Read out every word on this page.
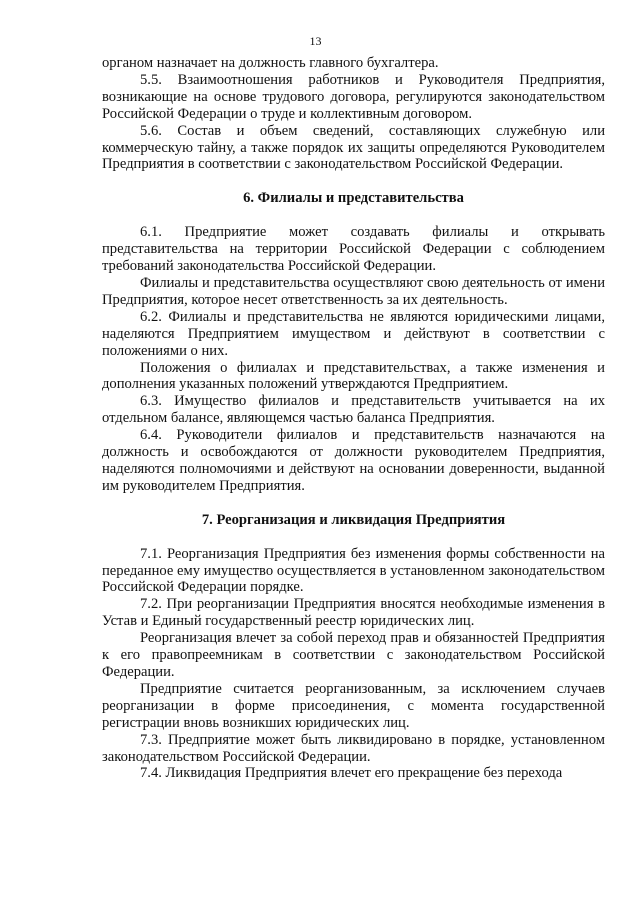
13

органом назначает на должность главного бухгалтера.

5.5. Взаимоотношения работников и Руководителя Предприятия, возникающие на основе трудового договора, регулируются законодательством Российской Федерации о труде и коллективным договором.

5.6. Состав и объем сведений, составляющих служебную или коммерческую тайну, а также порядок их защиты определяются Руководителем Предприятия в соответствии с законодательством Российской Федерации.

6. Филиалы и представительства

6.1. Предприятие может создавать филиалы и открывать представительства на территории Российской Федерации с соблюдением требований законодательства Российской Федерации.

Филиалы и представительства осуществляют свою деятельность от имени Предприятия, которое несет ответственность за их деятельность.

6.2. Филиалы и представительства не являются юридическими лицами, наделяются Предприятием имуществом и действуют в соответствии с положениями о них.

Положения о филиалах и представительствах, а также изменения и дополнения указанных положений утверждаются Предприятием.

6.3. Имущество филиалов и представительств учитывается на их отдельном балансе, являющемся частью баланса Предприятия.

6.4. Руководители филиалов и представительств назначаются на должность и освобождаются от должности руководителем Предприятия, наделяются полномочиями и действуют на основании доверенности, выданной им руководителем Предприятия.

7. Реорганизация и ликвидация Предприятия

7.1. Реорганизация Предприятия без изменения формы собственности на переданное ему имущество осуществляется в установленном законодательством Российской Федерации порядке.

7.2. При реорганизации Предприятия вносятся необходимые изменения в Устав и Единый государственный реестр юридических лиц.

Реорганизация влечет за собой переход прав и обязанностей Предприятия к его правопреемникам в соответствии с законодательством Российской Федерации.

Предприятие считается реорганизованным, за исключением случаев реорганизации в форме присоединения, с момента государственной регистрации вновь возникших юридических лиц.

7.3. Предприятие может быть ликвидировано в порядке, установленном законодательством Российской Федерации.

7.4. Ликвидация Предприятия влечет его прекращение без перехода
